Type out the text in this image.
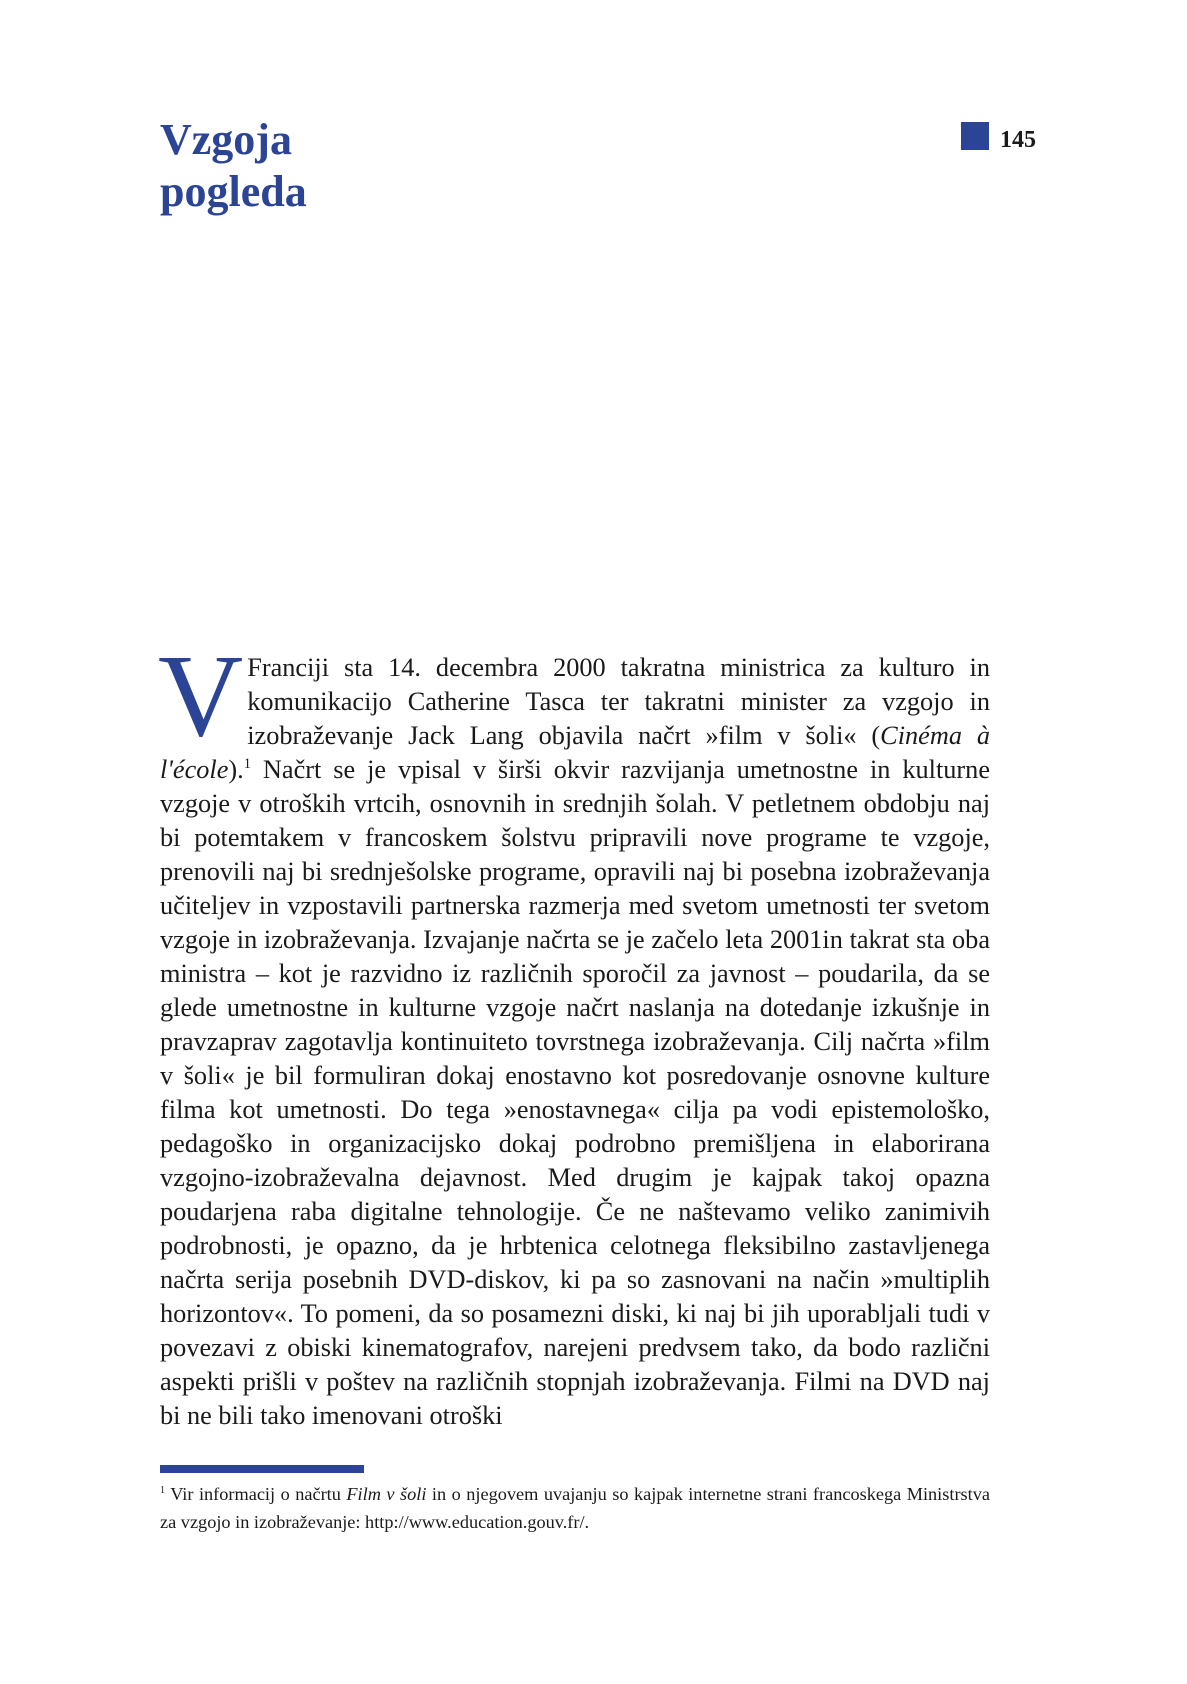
Vzgoja
pogleda
145

V Franciji sta 14. decembra 2000 takratna ministrica za kulturo in komunikacijo Catherine Tasca ter takratni minister za vzgojo in izobraževanje Jack Lang objavila načrt »film v šoli« (Cinéma à l'école).$^1$ Načrt se je vpisal v širši okvir razvijanja umetnostne in kulturne vzgoje v otroških vrtcih, osnovnih in srednjih šolah. V petletnem obdobju naj bi potemtakem v francoskem šolstvu pripravili nove programe te vzgoje, prenovili naj bi srednješolske programe, opravili naj bi posebna izobraževanja učiteljev in vzpostavili partnerska razmerja med svetom umetnosti ter svetom vzgoje in izobraževanja. Izvajanje načrta se je začelo leta 2001in takrat sta oba ministra – kot je razvidno iz različnih sporočil za javnost – poudarila, da se glede umetnostne in kulturne vzgoje načrt naslanja na dotedanje izkušnje in pravzaprav zagotavlja kontinuiteto tovrstnega izobraževanja. Cilj načrta »film v šoli« je bil formuliran dokaj enostavno kot posredovanje osnovne kulture filma kot umetnosti. Do tega »enostavnega« cilja pa vodi epistemološko, pedagoško in organizacijsko dokaj podrobno premišljena in elaborirana vzgojno-izobraževalna dejavnost. Med drugim je kajpak takoj opazna poudarjena raba digitalne tehnologije. Če ne naštevamo veliko zanimivih podrobnosti, je opazno, da je hrbtenica celotnega fleksibilno zastavljenega načrta serija posebnih DVD-diskov, ki pa so zasnovani na način »multiplih horizontov«. To pomeni, da so posamezni diski, ki naj bi jih uporabljali tudi v povezavi z obiski kinematografov, narejeni predvsem tako, da bodo različni aspekti prišli v poštev na različnih stopnjah izobraževanja. Filmi na DVD naj bi ne bili tako imenovani otroški

$^1$ Vir informacij o načrtu Film v šoli in o njegovem uvajanju so kajpak internetne strani francoskega Ministrstva za vzgojo in izobraževanje: http://www.education.gouv.fr/.
